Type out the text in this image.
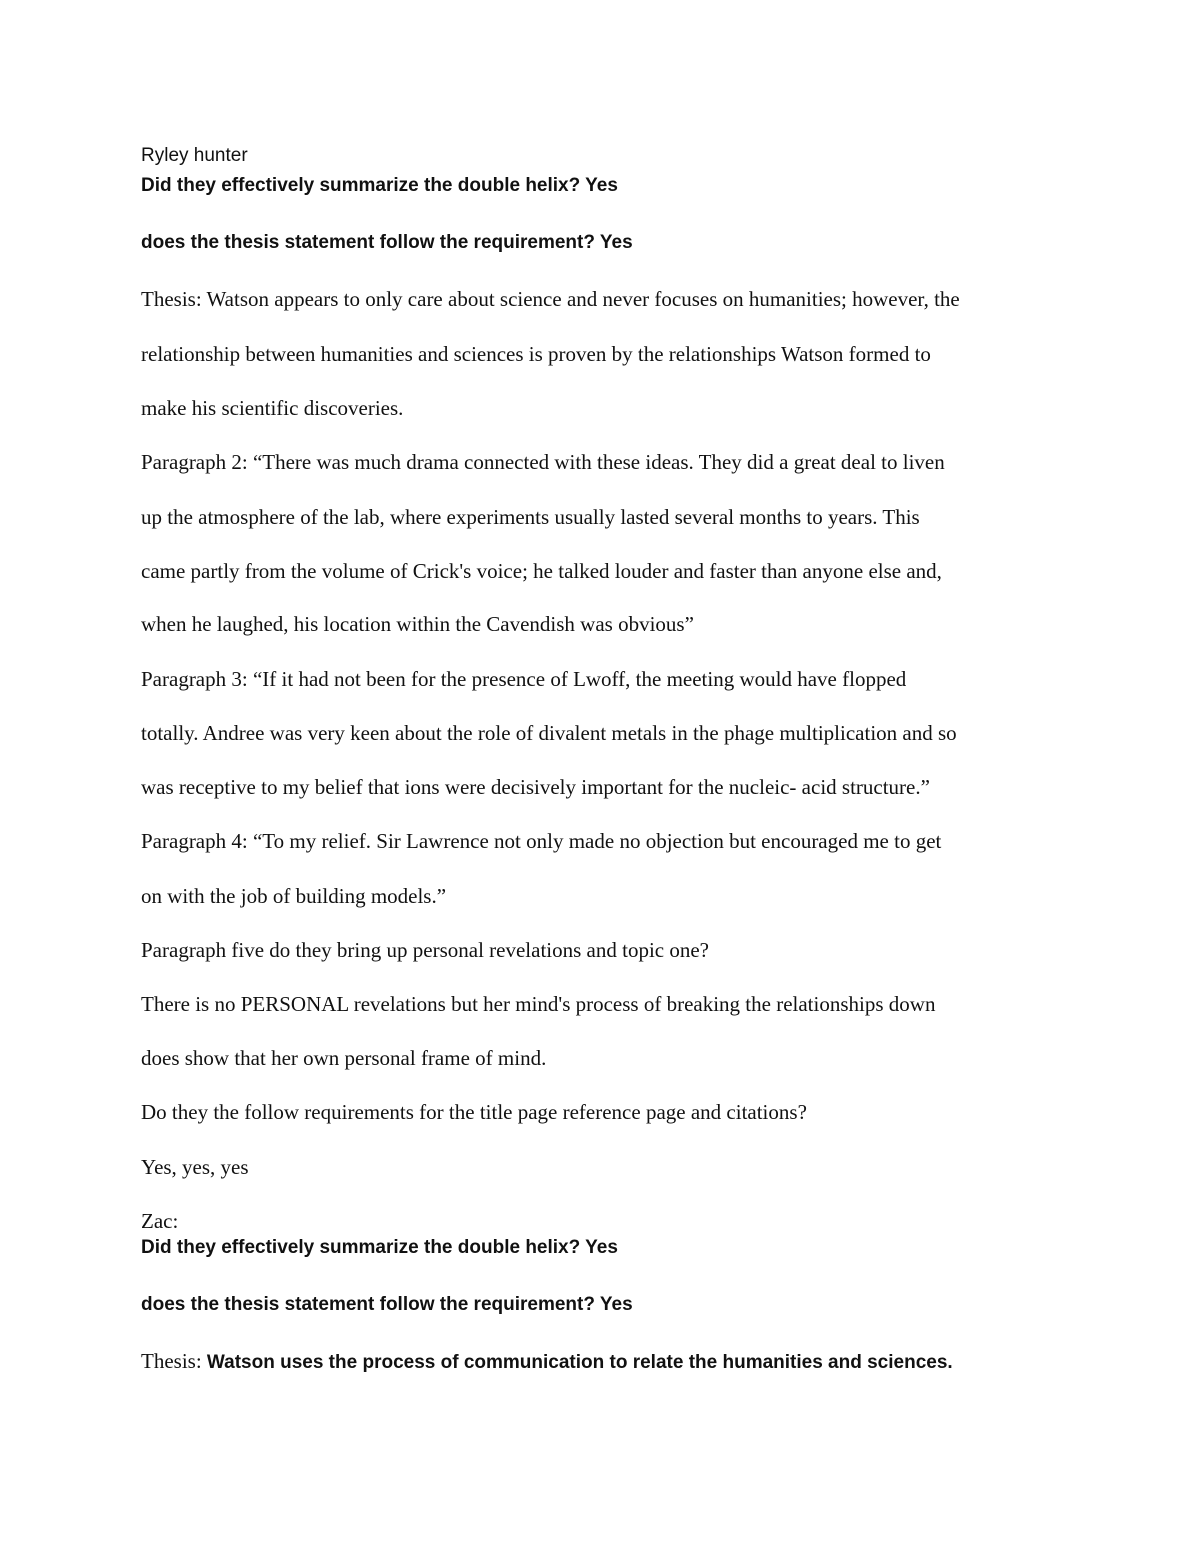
Ryley hunter
Did they effectively summarize the double helix? Yes
does the thesis statement follow the requirement? Yes
Thesis: Watson appears to only care about science and never focuses on humanities; however, the
relationship between humanities and sciences is proven by the relationships Watson formed to
make his scientific discoveries.
Paragraph 2: “There was much drama connected with these ideas. They did a great deal to liven
up the atmosphere of the lab, where experiments usually lasted several months to years. This
came partly from the volume of Crick's voice; he talked louder and faster than anyone else and,
when he laughed, his location within the Cavendish was obvious”
Paragraph 3: “If it had not been for the presence of Lwoff, the meeting would have flopped
totally. Andree was very keen about the role of divalent metals in the phage multiplication and so
was receptive to my belief that ions were decisively important for the nucleic- acid structure.”
Paragraph 4: “To my relief. Sir Lawrence not only made no objection but encouraged me to get
on with the job of building models.”
Paragraph five do they bring up personal revelations and topic one?
There is no PERSONAL revelations but her mind's process of breaking the relationships down
does show that her own personal frame of mind.
Do they the follow requirements for the title page reference page and citations?
Yes, yes, yes
Zac:
Did they effectively summarize the double helix? Yes
does the thesis statement follow the requirement? Yes
Thesis: Watson uses the process of communication to relate the humanities and sciences.
